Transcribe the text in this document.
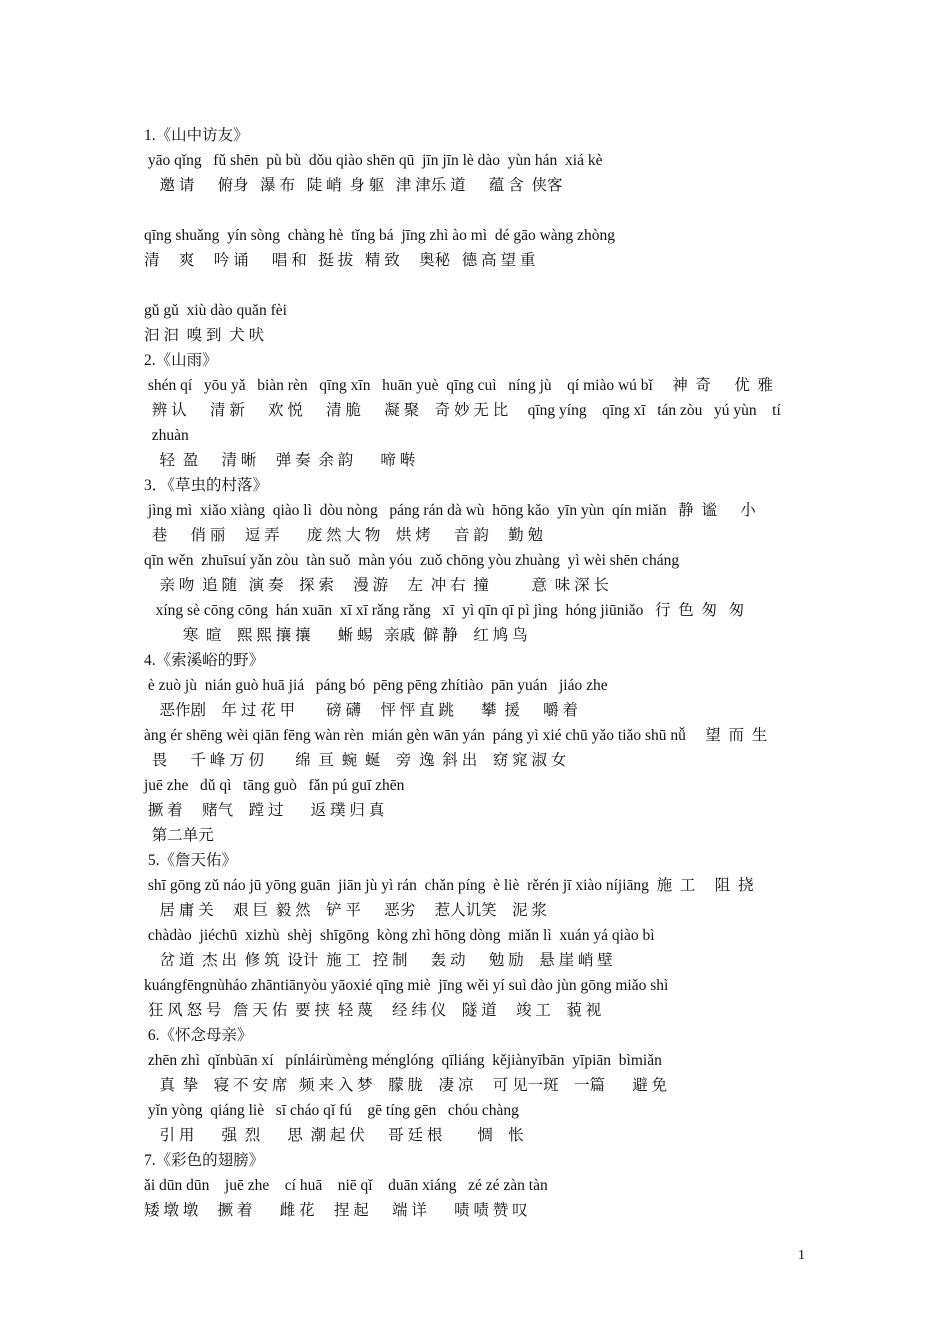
1.《山中访友》
yāo qǐng   fǔ shēn  pù bù  dǒu qiào shēn qū  jīn jīn lè dào  yùn hán  xiá kè
邀 请      俯身   瀑 布   陡 峭  身 躯   津 津乐 道      蕴 含  侠客
qīng shuǎng  yín sòng  chàng hè  tǐng bá  jīng zhì ào mì  dé gāo wàng zhòng
清     爽     吟 诵      唱 和   挺 拔   精 致     奥秘   德 高 望 重
gǔ gǔ  xiù dào quǎn fèi
汩 汩  嗅 到  犬 吠
2.《山雨》
shén qí   yōu yǎ   biàn rèn   qīng xīn   huān yuè  qīng cuì   níng jù    qí miào wú bǐ     神  奇      优  雅
辨 认      清 新      欢 悦      清 脆      凝 聚    奇 妙 无 比     qīng yíng    qīng xī   tán zòu   yú yùn    tí
zhuàn
轻  盈      清 晰     弹 奏  余 韵       啼 啭
3．《草虫的村落》
jìng mì  xiǎo xiàng  qiào lì  dòu nòng   páng rán dà wù  hōng kǎo  yīn yùn  qín miǎn   静  谧      小
巷      俏 丽     逗 弄       庞 然 大 物    烘 烤      音 韵     勤 勉
qīn wěn  zhuīsuí yǎn zòu  tàn suǒ  màn yóu  zuǒ chōng yòu zhuàng  yì wèi shēn cháng
亲 吻  追 随   演 奏    探 索     漫 游     左  冲 右  撞           意  味 深 长
xíng sè cōng cōng  hán xuān  xī xī rǎng rǎng   xī  yì qīn qī pì jìng  hóng jiūniǎo   行  色  匆   匆
寒  暄    熙 熙 攘 攘       蜥 蜴   亲戚  僻 静    红 鸠 鸟
4.《索溪峪的野》
è zuò jù  nián guò huā jiá   páng bó  pēng pēng zhítiào  pān yuán   jiáo zhe
恶作剧    年 过 花 甲        磅 礴     怦 怦 直 跳       攀  援      嚼 着
àng ér shēng wèi qiān fēng wàn rèn  mián gèn wān yán  páng yì xié chū yǎo tiǎo shū nǚ     望  而  生
畏      千 峰 万 仞        绵  亘  蜿  蜒    旁  逸  斜 出    窈 窕 淑 女
juē zhe   dǔ qì   tāng guò   fǎn pú guī zhēn
撅 着     赌气    蹚 过       返 璞 归 真
第二单元
5.《詹天佑》
shī gōng zǔ náo jū yōng guān  jiān jù yì rán  chǎn píng  è liè  rěrén jī xiào níjiāng  施  工     阻  挠
居 庸 关     艰 巨  毅 然    铲 平      恶劣     惹人讥笑    泥 浆
chàdào  jiéchū  xizhù  shèj  shīgōng  kòng zhì hōng dòng  miǎn lì  xuán yá qiào bì
岔 道  杰 出  修 筑  设计  施 工   控 制      轰 动      勉 励    悬 崖 峭 壁
kuángfēngnùháo zhāntiānyòu yāoxié qīng miè  jīng wěi yí suì dào jùn gōng miǎo shì
狂 风 怒 号   詹 天 佑  要 挟  轻 蔑     经 纬 仪    隧 道     竣 工    藐 视
6.《怀念母亲》
zhēn zhì  qǐnbùān xí   pínláirùmèng ménglóng  qīliáng  kějiànyībān  yīpiān  bìmiǎn
真  挚    寝 不 安 席   频 来 入 梦    朦 胧    凄 凉     可 见一斑    一篇       避 免
yǐn yòng  qiáng liè   sī cháo qǐ fú    gē tíng gēn   chóu chàng
引 用       强  烈       思  潮 起 伏      哥 廷 根         惆    怅
7.《彩色的翅膀》
ǎi dūn dūn    juē zhe    cí huā    niē qǐ    duān xiáng   zé zé zàn tàn
矮 墩 墩     撅 着       雌 花     捏 起      端 详       啧 啧 赞 叹
1
